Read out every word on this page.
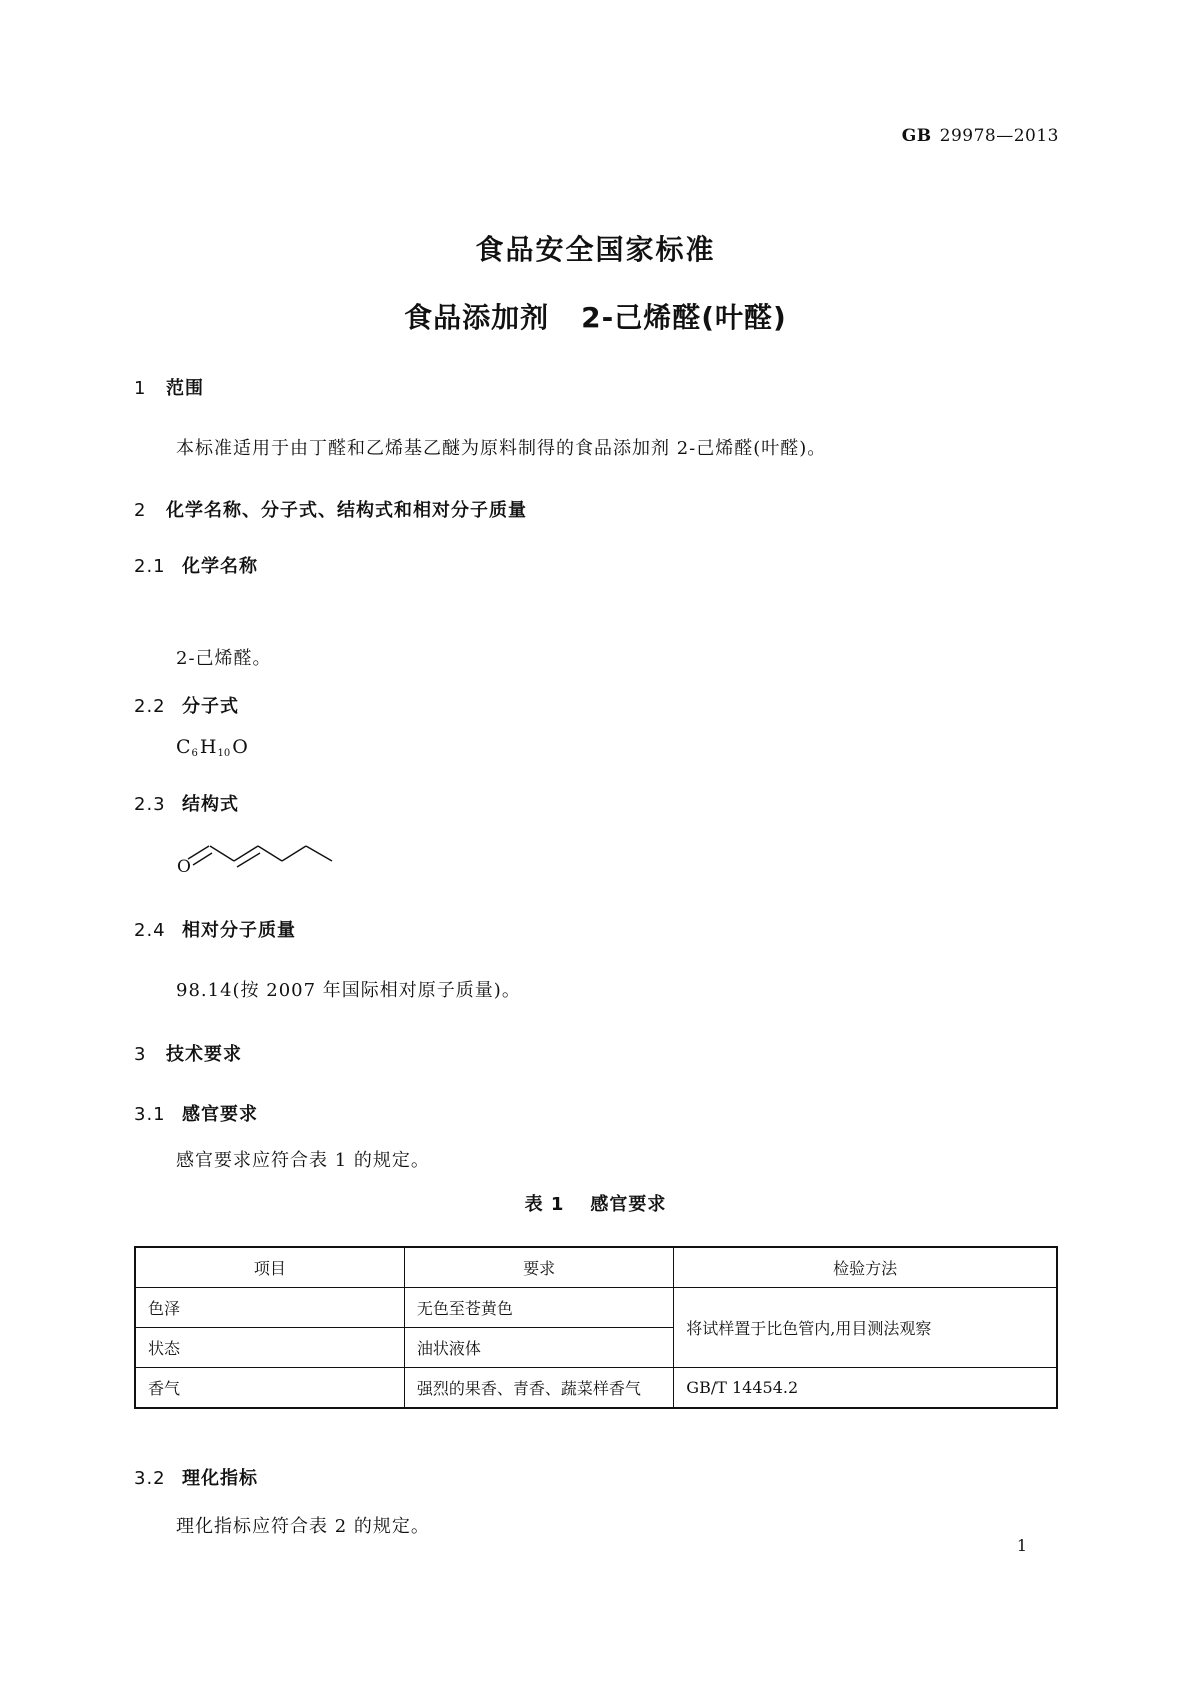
GB 29978—2013
食品安全国家标准
食品添加剂 2-己烯醛(叶醛)
1 范围
本标准适用于由丁醛和乙烯基乙醚为原料制得的食品添加剂 2-己烯醛(叶醛)。
2 化学名称、分子式、结构式和相对分子质量
2.1 化学名称
2-己烯醛。
2.2 分子式
$C_6$ $H_{10}$ O
2.3 结构式
O
2.4 相对分子质量
98.14(按 2007 年国际相对原子质量)。
3 技术要求
3.1 感官要求
感官要求应符合表 1 的规定。
表 1 感官要求
项目	要求	检验方法
色泽	无色至苍黄色	将试样置于比色管内,用目测法观察
状态	油状液体	
香气	强烈的果香、青香、蔬菜样香气	GB/T 14454.2
3.2 理化指标
理化指标应符合表 2 的规定。
1
